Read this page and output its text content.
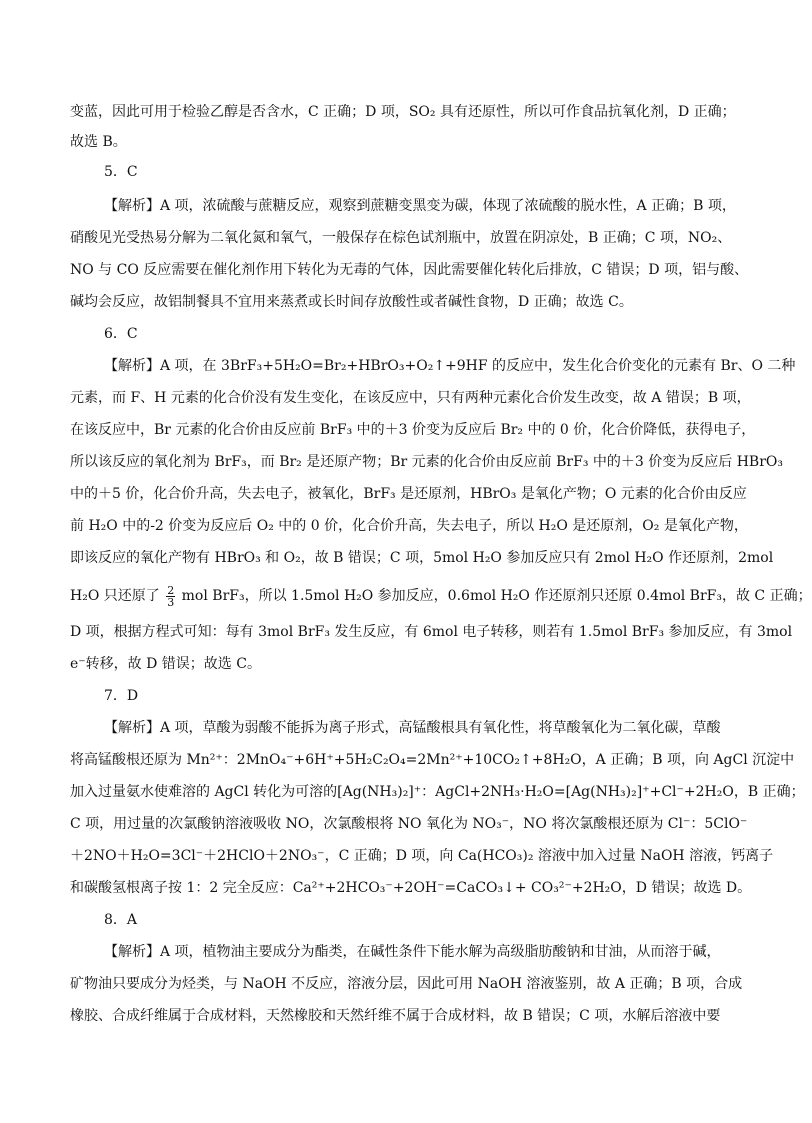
变蓝，因此可用于检验乙醇是否含水，C 正确；D 项，SO₂ 具有还原性，所以可作食品抗氧化剂，D 正确；
故选 B。
5．C
【解析】A 项，浓硫酸与蔗糖反应，观察到蔗糖变黑变为碳，体现了浓硫酸的脱水性，A 正确；B 项，
硝酸见光受热易分解为二氧化氮和氧气，一般保存在棕色试剂瓶中，放置在阴凉处，B 正确；C 项，NO₂、
NO 与 CO 反应需要在催化剂作用下转化为无毒的气体，因此需要催化转化后排放，C 错误；D 项，铝与酸、
碱均会反应，故铝制餐具不宜用来蒸煮或长时间存放酸性或者碱性食物，D 正确；故选 C。
6．C
【解析】A 项，在 3BrF₃+5H₂O=Br₂+HBrO₃+O₂↑+9HF 的反应中，发生化合价变化的元素有 Br、O 二种
元素，而 F、H 元素的化合价没有发生变化，在该反应中，只有两种元素化合价发生改变，故 A 错误；B 项，
在该反应中，Br 元素的化合价由反应前 BrF₃ 中的＋3 价变为反应后 Br₂ 中的 0 价，化合价降低，获得电子，
所以该反应的氧化剂为 BrF₃，而 Br₂ 是还原产物；Br 元素的化合价由反应前 BrF₃ 中的＋3 价变为反应后 HBrO₃
中的＋5 价，化合价升高，失去电子，被氧化，BrF₃ 是还原剂，HBrO₃ 是氧化产物；O 元素的化合价由反应
前 H₂O 中的-2 价变为反应后 O₂ 中的 0 价，化合价升高，失去电子，所以 H₂O 是还原剂，O₂ 是氧化产物，
即该反应的氧化产物有 HBrO₃ 和 O₂，故 B 错误；C 项，5mol H₂O 参加反应只有 2mol H₂O 作还原剂，2mol
H₂O 只还原了 $\frac{2}{3}$ mol BrF₃，所以 1.5mol H₂O 参加反应，0.6mol H₂O 作还原剂只还原 0.4mol BrF₃，故 C 正确；
D 项，根据方程式可知：每有 3mol BrF₃ 发生反应，有 6mol 电子转移，则若有 1.5mol BrF₃ 参加反应，有 3mol
e⁻转移，故 D 错误；故选 C。
7．D
【解析】A 项，草酸为弱酸不能拆为离子形式，高锰酸根具有氧化性，将草酸氧化为二氧化碳，草酸
将高锰酸根还原为 Mn²⁺：2MnO₄⁻+6H⁺+5H₂C₂O₄=2Mn²⁺+10CO₂↑+8H₂O，A 正确；B 项，向 AgCl 沉淀中
加入过量氨水使难溶的 AgCl 转化为可溶的[Ag(NH₃)₂]⁺：AgCl+2NH₃·H₂O=[Ag(NH₃)₂]⁺+Cl⁻+2H₂O，B 正确；
C 项，用过量的次氯酸钠溶液吸收 NO，次氯酸根将 NO 氧化为 NO₃⁻，NO 将次氯酸根还原为 Cl⁻：5ClO⁻
＋2NO＋H₂O=3Cl⁻＋2HClO＋2NO₃⁻，C 正确；D 项，向 Ca(HCO₃)₂ 溶液中加入过量 NaOH 溶液，钙离子
和碳酸氢根离子按 1：2 完全反应：Ca²⁺+2HCO₃⁻+2OH⁻=CaCO₃↓+ CO₃²⁻+2H₂O，D 错误；故选 D。
8．A
【解析】A 项，植物油主要成分为酯类，在碱性条件下能水解为高级脂肪酸钠和甘油，从而溶于碱，
矿物油只要成分为烃类，与 NaOH 不反应，溶液分层，因此可用 NaOH 溶液鉴别，故 A 正确；B 项，合成
橡胶、合成纤维属于合成材料，天然橡胶和天然纤维不属于合成材料，故 B 错误；C 项，水解后溶液中要
